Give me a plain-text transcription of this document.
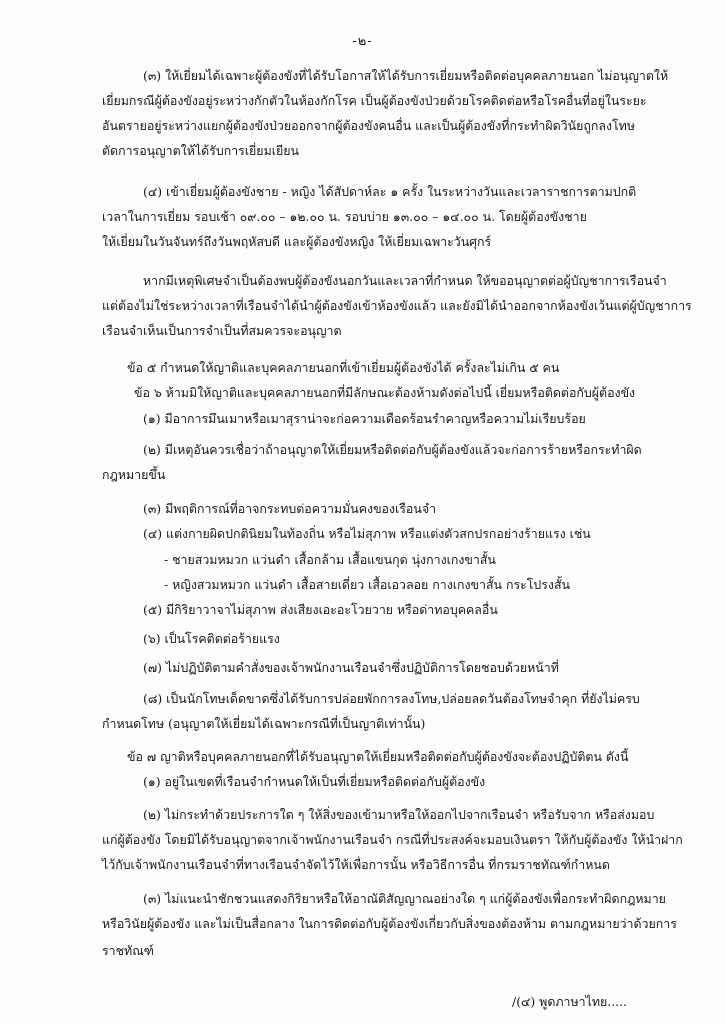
-๒-
(๓) ให้เยี่ยมได้เฉพาะผู้ต้องขังที่ได้รับโอกาสให้ได้รับการเยี่ยมหรือติดต่อบุคคลภายนอก ไม่อนุญาตให้
เยี่ยมกรณีผู้ต้องขังอยู่ระหว่างกักตัวในห้องกักโรค เป็นผู้ต้องขังป่วยด้วยโรคติดต่อหรือโรคอื่นที่อยู่ในระยะ
อันตรายอยู่ระหว่างแยกผู้ต้องขังป่วยออกจากผู้ต้องขังคนอื่น และเป็นผู้ต้องขังที่กระทำผิดวินัยถูกลงโทษ
ตัดการอนุญาตให้ได้รับการเยี่ยมเยียน
(๔) เข้าเยี่ยมผู้ต้องขังชาย - หญิง ได้สัปดาห์ละ ๑ ครั้ง ในระหว่างวันและเวลาราชการตามปกติ
เวลาในการเยี่ยม รอบเช้า ๐๙.๐๐ – ๑๒.๐๐ น. รอบบ่าย ๑๓.๐๐ – ๑๔.๐๐ น. โดยผู้ต้องขังชาย
ให้เยี่ยมในวันจันทร์ถึงวันพฤหัสบดี และผู้ต้องขังหญิง ให้เยี่ยมเฉพาะวันศุกร์
หากมีเหตุพิเศษจำเป็นต้องพบผู้ต้องขังนอกวันและเวลาที่กำหนด ให้ขออนุญาตต่อผู้บัญชาการเรือนจำ
แต่ต้องไม่ใช่ระหว่างเวลาที่เรือนจำได้นำผู้ต้องขังเข้าห้องขังแล้ว และยังมิได้นำออกจากห้องขังเว้นแต่ผู้บัญชาการ
เรือนจำเห็นเป็นการจำเป็นที่สมควรจะอนุญาต
ข้อ ๕ กำหนดให้ญาติและบุคคลภายนอกที่เข้าเยี่ยมผู้ต้องขังได้ ครั้งละไม่เกิน ๕ คน
ข้อ ๖ ห้ามมิให้ญาติและบุคคลภายนอกที่มีลักษณะต้องห้ามดังต่อไปนี้ เยี่ยมหรือติดต่อกับผู้ต้องขัง
(๑) มีอาการมึนเมาหรือเมาสุราน่าจะก่อความเดือดร้อนรำคาญหรือความไม่เรียบร้อย
(๒) มีเหตุอันควรเชื่อว่าถ้าอนุญาตให้เยี่ยมหรือติดต่อกับผู้ต้องขังแล้วจะก่อการร้ายหรือกระทำผิด
กฎหมายขึ้น
(๓) มีพฤติการณ์ที่อาจกระทบต่อความมั่นคงของเรือนจำ
(๔) แต่งกายผิดปกตินิยมในท้องถิ่น หรือไม่สุภาพ หรือแต่งตัวสกปรกอย่างร้ายแรง เช่น
- ชายสวมหมวก แว่นดำ เสื้อกล้าม เสื้อแขนกุด นุ่งกางเกงขาสั้น
- หญิงสวมหมวก แว่นดำ เสื้อสายเดี่ยว เสื้อเอวลอย กางเกงขาสั้น กระโปรงสั้น
(๕) มีกิริยาวาจาไม่สุภาพ ส่งเสียงเอะอะโวยวาย หรือด่าทอบุคคลอื่น
(๖) เป็นโรคติดต่อร้ายแรง
(๗) ไม่ปฏิบัติตามคำสั่งของเจ้าพนักงานเรือนจำซึ่งปฏิบัติการโดยชอบด้วยหน้าที่
(๘) เป็นนักโทษเด็ดขาดซึ่งได้รับการปล่อยพักการลงโทษ,ปล่อยลดวันต้องโทษจำคุก ที่ยังไม่ครบ
กำหนดโทษ (อนุญาตให้เยี่ยมได้เฉพาะกรณีที่เป็นญาติเท่านั้น)
ข้อ ๗ ญาติหรือบุคคลภายนอกที่ได้รับอนุญาตให้เยี่ยมหรือติดต่อกับผู้ต้องขังจะต้องปฏิบัติตน ดังนี้
(๑) อยู่ในเขตที่เรือนจำกำหนดให้เป็นที่เยี่ยมหรือติดต่อกับผู้ต้องขัง
(๒) ไม่กระทำด้วยประการใด ๆ ให้สิ่งของเข้ามาหรือให้ออกไปจากเรือนจำ หรือรับจาก หรือส่งมอบ
แก่ผู้ต้องขัง โดยมิได้รับอนุญาตจากเจ้าพนักงานเรือนจำ กรณีที่ประสงค์จะมอบเงินตรา ให้กับผู้ต้องขัง ให้นำฝาก
ไว้กับเจ้าพนักงานเรือนจำที่ทางเรือนจำจัดไว้ให้เพื่อการนั้น หรือวิธีการอื่น ที่กรมราชทัณฑ์กำหนด
(๓) ไม่แนะนำชักชวนแสดงกิริยาหรือให้อาณัติสัญญาณอย่างใด ๆ แก่ผู้ต้องขังเพื่อกระทำผิดกฎหมาย
หรือวินัยผู้ต้องขัง และไม่เป็นสื่อกลาง ในการติดต่อกับผู้ต้องขังเกี่ยวกับสิ่งของต้องห้าม ตามกฎหมายว่าด้วยการ
ราชทัณฑ์
/(๔) พูดภาษาไทย.....
